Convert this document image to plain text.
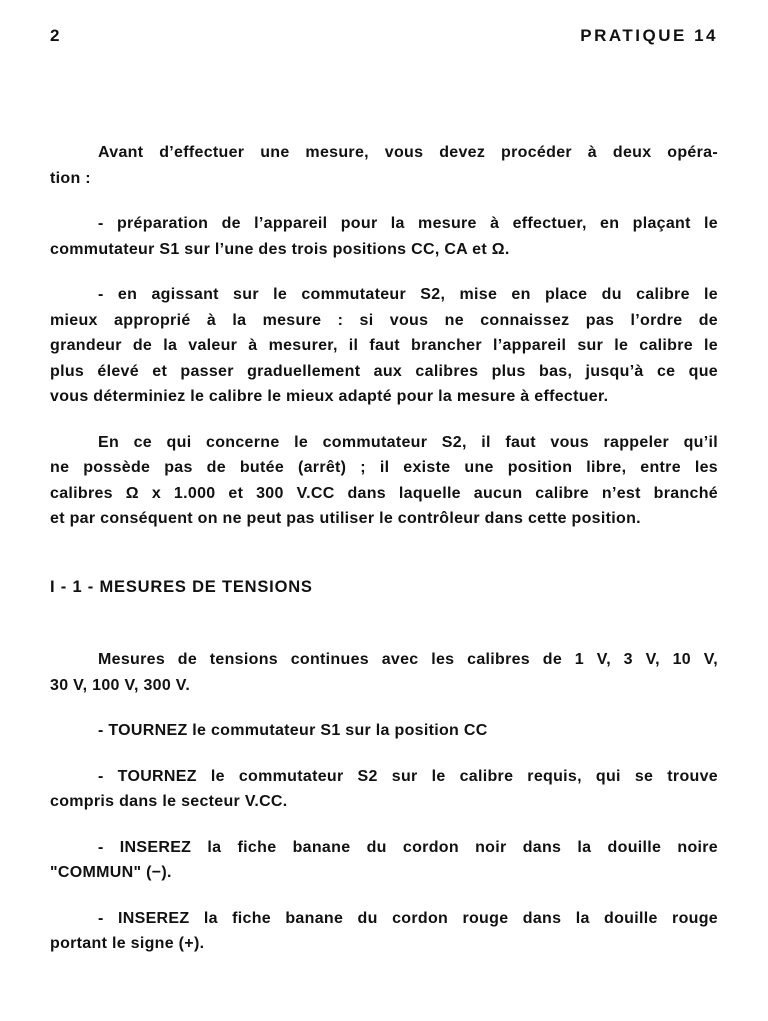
2	PRATIQUE 14
Avant d’effectuer une mesure, vous devez procéder à deux opéra-
tion :
- préparation de l’appareil pour la mesure à effectuer, en plaçant le
commutateur S1 sur l’une des trois positions CC, CA et Ω.
- en agissant sur le commutateur S2, mise en place du calibre le
mieux approprié à la mesure : si vous ne connaissez pas l’ordre de
grandeur de la valeur à mesurer, il faut brancher l’appareil sur le calibre le
plus élevé et passer graduellement aux calibres plus bas, jusqu’à ce que
vous déterminiez le calibre le mieux adapté pour la mesure à effectuer.
En ce qui concerne le commutateur S2, il faut vous rappeler qu’il
ne possède pas de butée (arrêt) ; il existe une position libre, entre les
calibres Ω x 1.000 et 300 V.CC dans laquelle aucun calibre n’est branché
et par conséquent on ne peut pas utiliser le contrôleur dans cette position.
I - 1 - MESURES DE TENSIONS
Mesures de tensions continues avec les calibres de 1 V, 3 V, 10 V,
30 V, 100 V, 300 V.
- TOURNEZ le commutateur S1 sur la position CC
- TOURNEZ le commutateur S2 sur le calibre requis, qui se trouve
compris dans le secteur V.CC.
- INSEREZ la fiche banane du cordon noir dans la douille noire
"COMMUN" (−).
- INSEREZ la fiche banane du cordon rouge dans la douille rouge
portant le signe (+).
